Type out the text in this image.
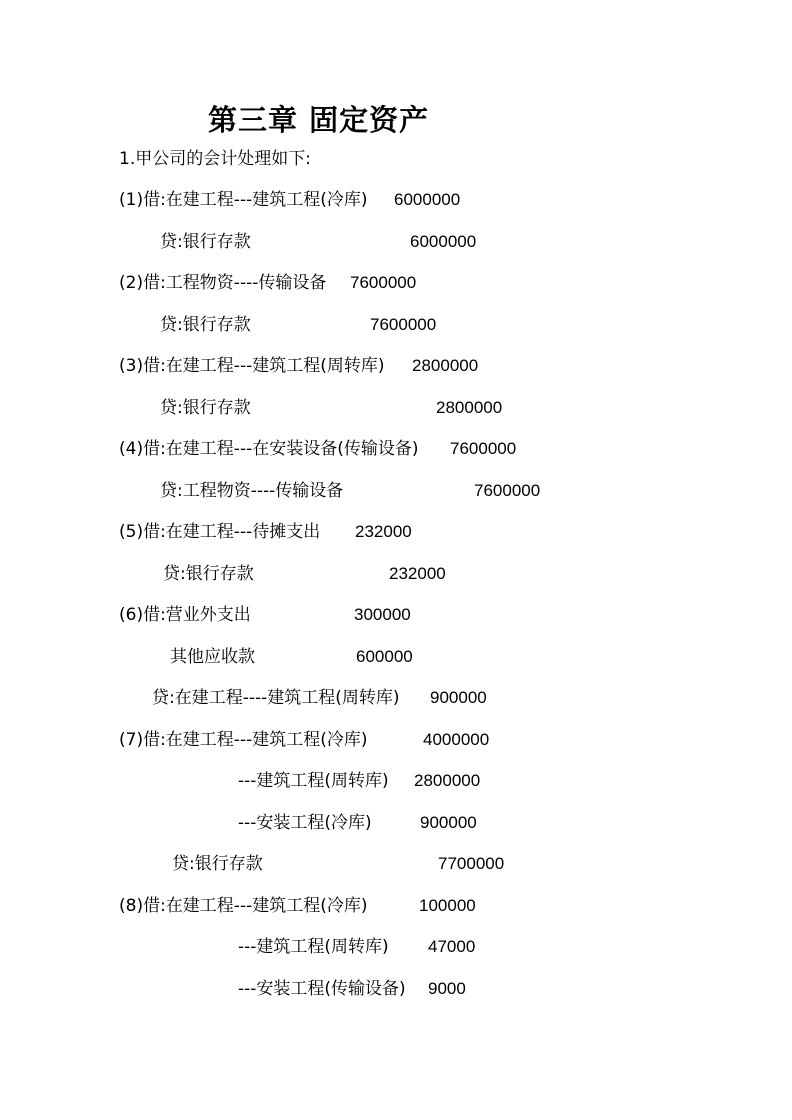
第三章 固定资产
1.甲公司的会计处理如下:
(1)借:在建工程---建筑工程(冷库) 6000000
贷:银行存款	6000000
(2)借:工程物资----传输设备 7600000
贷:银行存款	7600000
(3)借:在建工程---建筑工程(周转库) 2800000
贷:银行存款	2800000
(4)借:在建工程---在安装设备(传输设备) 7600000
贷:工程物资----传输设备	7600000
(5)借:在建工程---待摊支出 232000
贷:银行存款	232000
(6)借:营业外支出	300000
其他应收款	600000
贷:在建工程----建筑工程(周转库) 900000
(7)借:在建工程---建筑工程(冷库)	4000000
---建筑工程(周转库) 2800000
---安装工程(冷库)	900000
贷:银行存款	7700000
(8)借:在建工程---建筑工程(冷库)	100000
---建筑工程(周转库) 47000
---安装工程(传输设备) 9000
